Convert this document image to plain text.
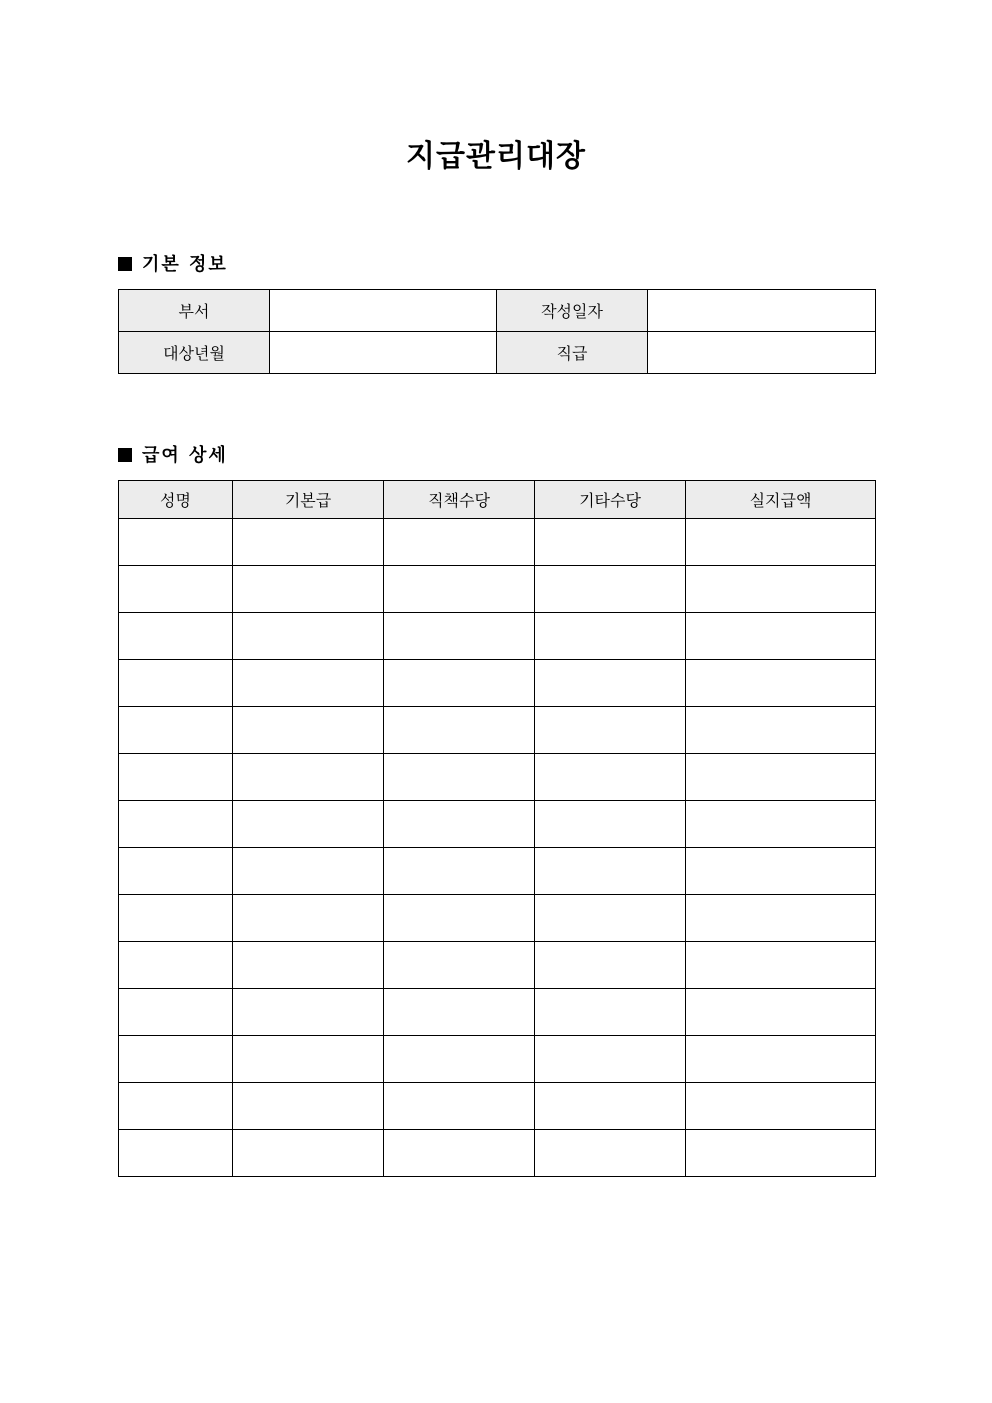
지급관리대장
기본 정보
부서		작성일자	
대상년월		직급	
급여 상세
성명	기본급	직책수당	기타수당	실지급액
